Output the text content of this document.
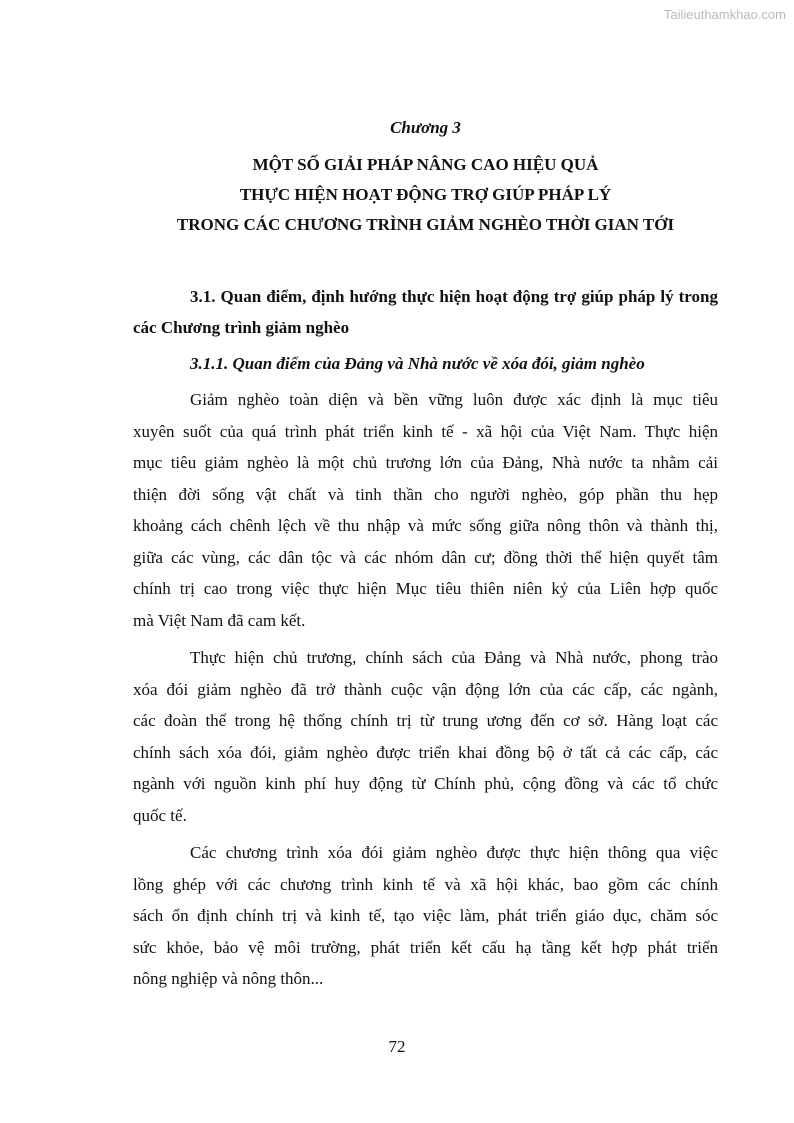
Tailieuthamkhao.com

Chương 3

MỘT SỐ GIẢI PHÁP NÂNG CAO HIỆU QUẢ

THỰC HIỆN HOẠT ĐỘNG TRỢ GIÚP PHÁP LÝ

TRONG CÁC CHƯƠNG TRÌNH GIẢM NGHÈO THỜI GIAN TỚI

3.1. Quan điểm, định hướng thực hiện hoạt động trợ giúp pháp lý trong các Chương trình giảm nghèo

3.1.1. Quan điểm của Đảng và Nhà nước về xóa đói, giảm nghèo

Giảm nghèo toàn diện và bền vững luôn được xác định là mục tiêu
xuyên suốt của quá trình phát triển kinh tế - xã hội của Việt Nam. Thực hiện
mục tiêu giảm nghèo là một chủ trương lớn của Đảng, Nhà nước ta nhằm cải
thiện đời sống vật chất và tinh thần cho người nghèo, góp phần thu hẹp
khoảng cách chênh lệch về thu nhập và mức sống giữa nông thôn và thành thị,
giữa các vùng, các dân tộc và các nhóm dân cư; đồng thời thể hiện quyết tâm
chính trị cao trong việc thực hiện Mục tiêu thiên niên kỷ của Liên hợp quốc
mà Việt Nam đã cam kết.

Thực hiện chủ trương, chính sách của Đảng và Nhà nước, phong trào
xóa đói giảm nghèo đã trở thành cuộc vận động lớn của các cấp, các ngành,
các đoàn thể trong hệ thống chính trị từ trung ương đến cơ sở. Hàng loạt các
chính sách xóa đói, giảm nghèo được triển khai đồng bộ ở tất cả các cấp, các
ngành với nguồn kinh phí huy động từ Chính phủ, cộng đồng và các tổ chức
quốc tế.

Các chương trình xóa đói giảm nghèo được thực hiện thông qua việc
lồng ghép với các chương trình kinh tế và xã hội khác, bao gồm các chính
sách ổn định chính trị và kinh tế, tạo việc làm, phát triển giáo dục, chăm sóc
sức khỏe, bảo vệ môi trường, phát triển kết cấu hạ tầng kết hợp phát triển
nông nghiệp và nông thôn...

72
